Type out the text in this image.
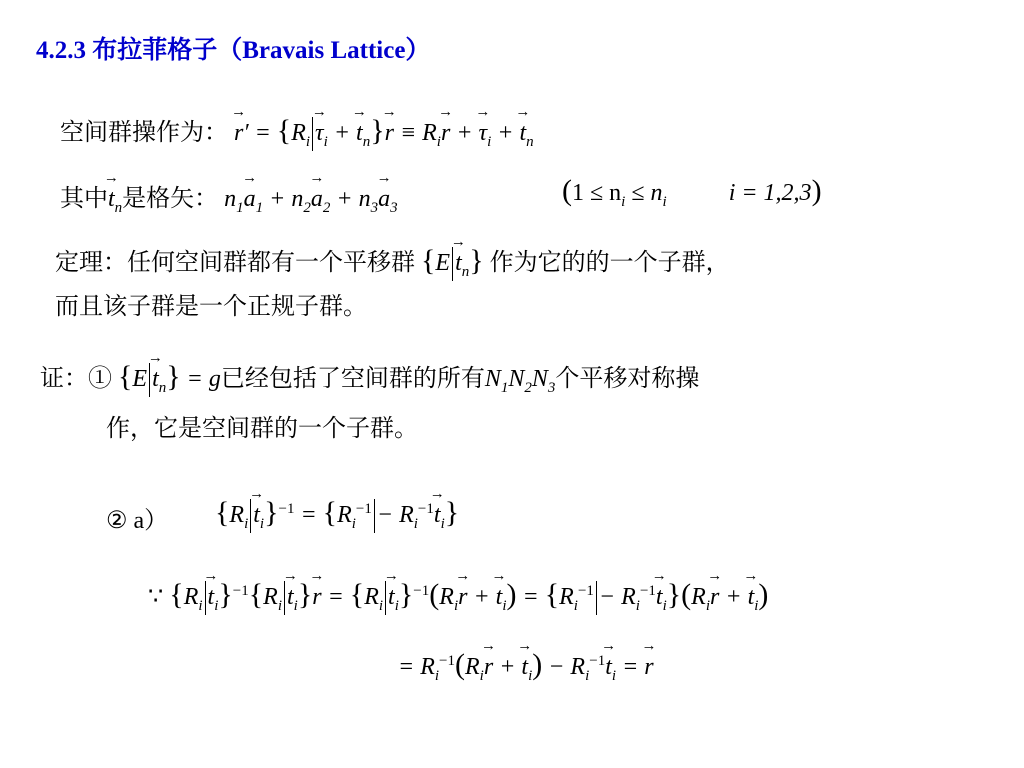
4.2.3 布拉菲格子（Bravais Lattice）
空间群操作为： → $r' = \{R_i \to \tau_i$ + → $t_n\}\to r \equiv R_i\to r$ + → $\tau_i$ + → $t_n$
其中→ $t_n$是格矢： $n_1\to a_1 + n_2\to a_2 + n_3\to a_3$
($1 \le n_i \le n_i$	i = 1,2,3)
定理：任何空间群都有一个平移群 $\{E \to t_n\}$ 作为它的的一个子群，
而且该子群是一个正规子群。
证：① $\{E \to t_n\} = g$已经包括了空间群的所有$N_1N_2N_3$个平移对称操
作，它是空间群的一个子群。
② a） $\{R_i \to t_i\}^{-1} = \{R_i^{-1} - R_i^{-1}\to t_i\}$
∵ $\{R_i \to t_i\}^{-1}\{R_i \to t_i\}\to r = \{R_i \to t_i\}^{-1}(R_i\to r$ + → $t_i) = \{R_i^{-1} - R_i^{-1}\to t_i\}(R_i\to r$ + → $t_i$)
= $R_i^{-1}(R_i\to r$ + → $t_i) - R_i^{-1}\to t_i$ = → r
